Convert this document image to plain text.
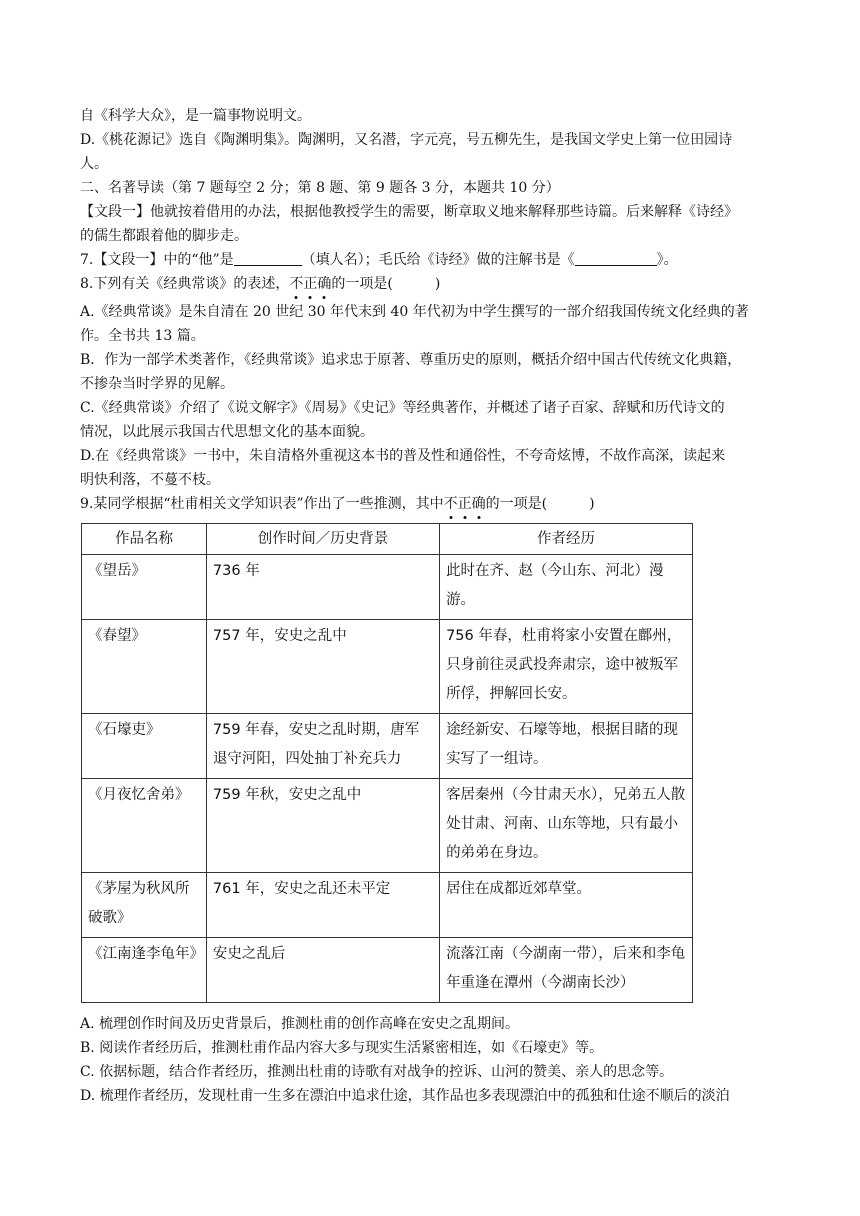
自《科学大众》，是一篇事物说明文。
D.《桃花源记》选自《陶渊明集》。陶渊明，又名潜，字元亮，号五柳先生，是我国文学史上第一位田园诗
人。
二、名著导读（第 7 题每空 2 分；第 8 题、第 9 题各 3 分，本题共 10 分）
【文段一】他就按着借用的办法，根据他教授学生的需要，断章取义地来解释那些诗篇。后来解释《诗经》
的儒生都跟着他的脚步走。
7.【文段一】中的“他”是	（填人名）；毛氏给《诗经》做的注解书是《	》。
8.下列有关《经典常谈》的表述，不正确的一项是(　　　)
A.《经典常谈》是朱自清在 20 世纪 30 年代末到 40 年代初为中学生撰写的一部介绍我国传统文化经典的著
作。全书共 13 篇。
B．作为一部学术类著作，《经典常谈》追求忠于原著、尊重历史的原则，概括介绍中国古代传统文化典籍，
不掺杂当时学界的见解。
C.《经典常谈》介绍了《说文解字》《周易》《史记》等经典著作，并概述了诸子百家、辞赋和历代诗文的
情况，以此展示我国古代思想文化的基本面貌。
D.在《经典常谈》一书中，朱自清格外重视这本书的普及性和通俗性，不夸奇炫博，不故作高深，读起来
明快利落，不蔓不枝。
9.某同学根据“杜甫相关文学知识表”作出了一些推测，其中不正确的一项是(　　　)
作品名称	创作时间／历史背景	作者经历
《望岳》	736 年	此时在齐、赵（今山东、河北）漫游。
《春望》	757 年，安史之乱中	756 年春，杜甫将家小安置在鄜州，只身前往灵武投奔肃宗，途中被叛军所俘，押解回长安。
《石壕吏》	759 年春，安史之乱时期，唐军退守河阳，四处抽丁补充兵力	途经新安、石壕等地，根据目睹的现实写了一组诗。
《月夜忆舍弟》	759 年秋，安史之乱中	客居秦州（今甘肃天水），兄弟五人散处甘肃、河南、山东等地，只有最小的弟弟在身边。
《茅屋为秋风所破歌》	761 年，安史之乱还未平定	居住在成都近郊草堂。
《江南逢李龟年》	安史之乱后	流落江南（今湖南一带），后来和李龟年重逢在潭州（今湖南长沙）
A. 梳理创作时间及历史背景后，推测杜甫的创作高峰在安史之乱期间。
B. 阅读作者经历后，推测杜甫作品内容大多与现实生活紧密相连，如《石壕吏》等。
C. 依据标题，结合作者经历，推测出杜甫的诗歌有对战争的控诉、山河的赞美、亲人的思念等。
D. 梳理作者经历，发现杜甫一生多在漂泊中追求仕途，其作品也多表现漂泊中的孤独和仕途不顺后的淡泊
